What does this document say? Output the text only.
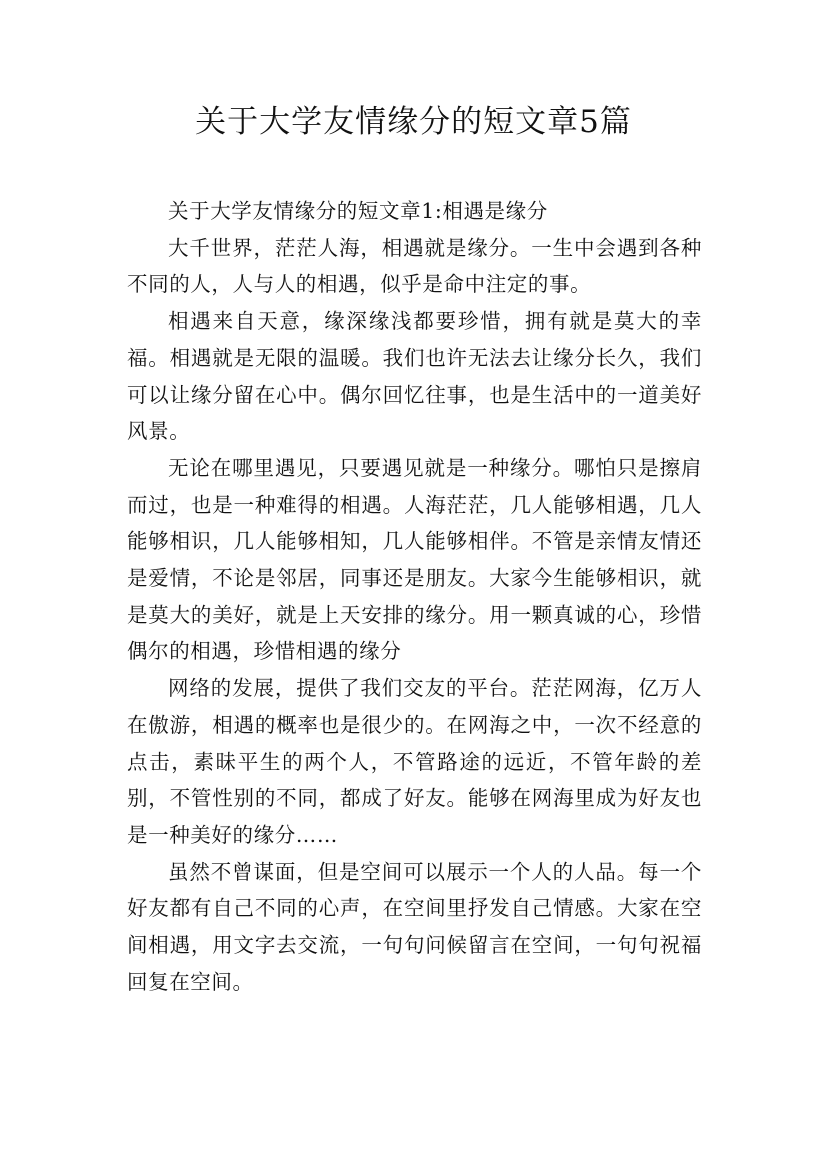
关于大学友情缘分的短文章5篇

关于大学友情缘分的短文章1:相遇是缘分

大千世界，茫茫人海，相遇就是缘分。一生中会遇到各种不同的人，人与人的相遇，似乎是命中注定的事。

相遇来自天意，缘深缘浅都要珍惜，拥有就是莫大的幸福。相遇就是无限的温暖。我们也许无法去让缘分长久，我们可以让缘分留在心中。偶尔回忆往事，也是生活中的一道美好风景。

无论在哪里遇见，只要遇见就是一种缘分。哪怕只是擦肩而过，也是一种难得的相遇。人海茫茫，几人能够相遇，几人能够相识，几人能够相知，几人能够相伴。不管是亲情友情还是爱情，不论是邻居，同事还是朋友。大家今生能够相识，就是莫大的美好，就是上天安排的缘分。用一颗真诚的心，珍惜偶尔的相遇，珍惜相遇的缘分

网络的发展，提供了我们交友的平台。茫茫网海，亿万人在傲游，相遇的概率也是很少的。在网海之中，一次不经意的点击，素昧平生的两个人，不管路途的远近，不管年龄的差别，不管性别的不同，都成了好友。能够在网海里成为好友也是一种美好的缘分……

虽然不曾谋面，但是空间可以展示一个人的人品。每一个好友都有自己不同的心声，在空间里抒发自己情感。大家在空间相遇，用文字去交流，一句句问候留言在空间，一句句祝福回复在空间。
